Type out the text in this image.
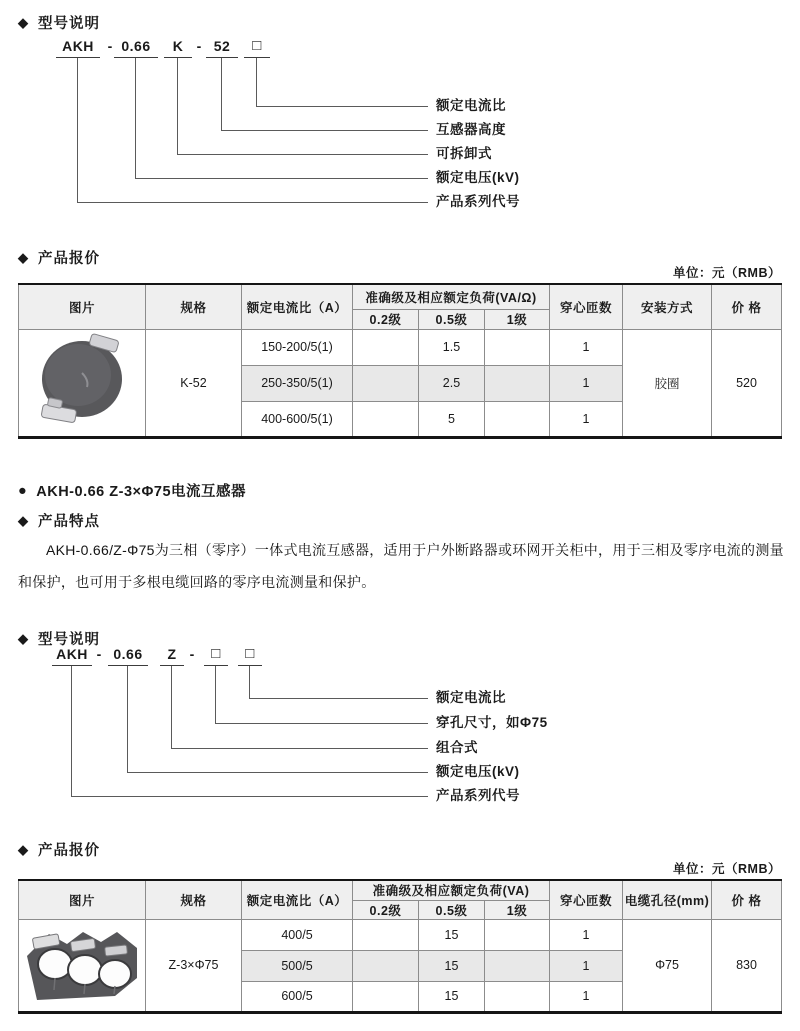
◆ 型号说明
AKH - 0.66	K - 52	□
额定电流比
互感器高度
可拆卸式
额定电压(kV)
产品系列代号
◆ 产品报价
单位：元（RMB）
图片	规格	额定电流比（A）	准确级及相应额定负荷(VA/Ω)			穿心匝数	安装方式	价 格
			0.2级	0.5级	1级			
	K-52	150-200/5(1)		1.5		1	胶圈	520
		250-350/5(1)		2.5		1		
		400-600/5(1)		5		1		
● AKH-0.66 Z-3×Φ75电流互感器
◆ 产品特点
AKH-0.66/Z-Φ75为三相（零序）一体式电流互感器，适用于户外断路器或环网开关柜中，用于三相及零序电流的测量和保护，也可用于多根电缆回路的零序电流测量和保护。
◆ 型号说明
AKH - 0.66	Z -	□	□
额定电流比
穿孔尺寸，如Φ75
组合式
额定电压(kV)
产品系列代号
◆ 产品报价
单位：元（RMB）
图片	规格	额定电流比（A）	准确级及相应额定负荷(VA)			穿心匝数	电缆孔径(mm)	价 格
			0.2级	0.5级	1级			
	Z-3×Φ75	400/5		15		1	Φ75	830
		500/5		15		1		
		600/5		15		1		
